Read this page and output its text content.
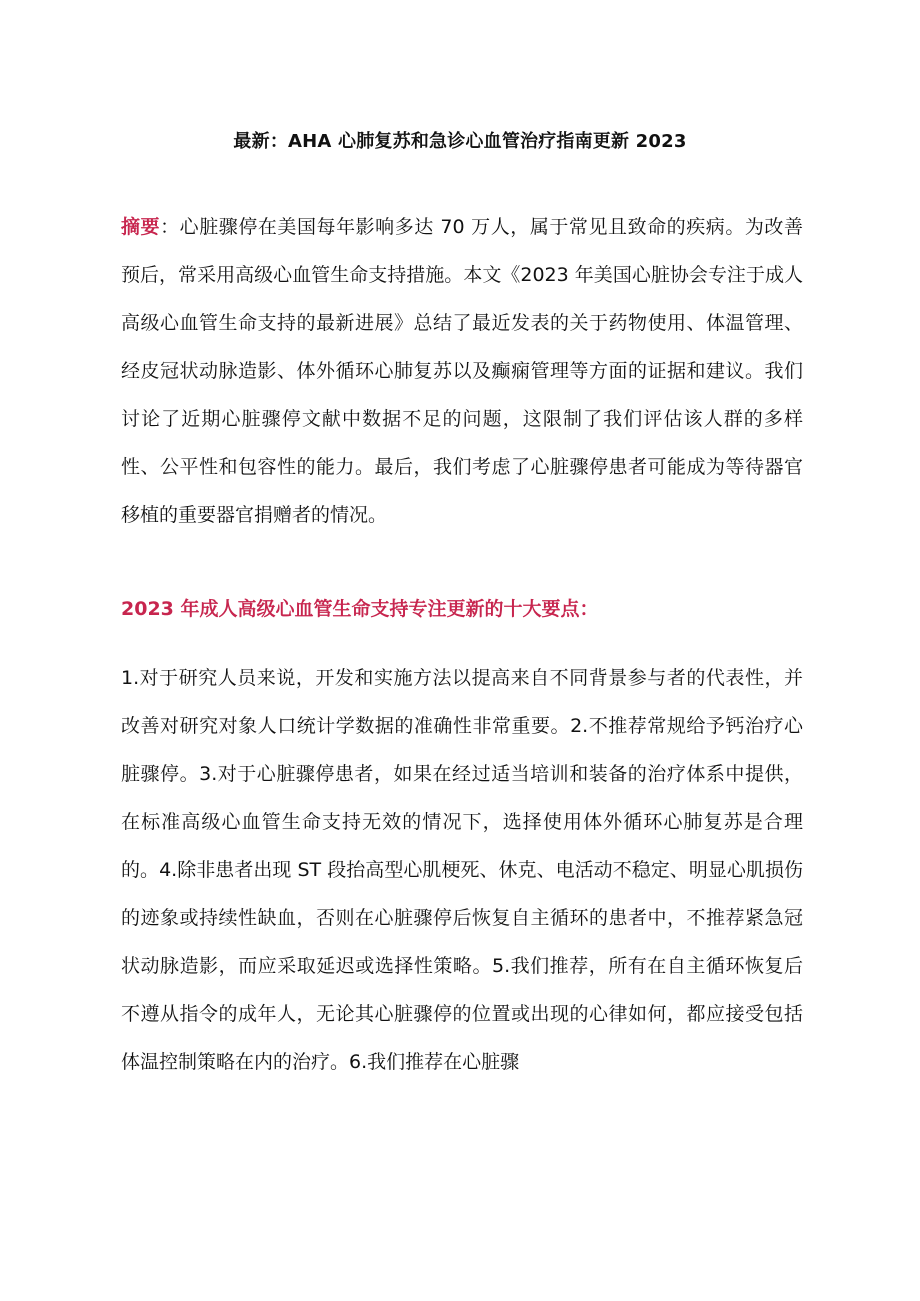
最新：AHA 心肺复苏和急诊心血管治疗指南更新 2023

摘要：心脏骤停在美国每年影响多达 70 万人，属于常见且致命的疾病。为改善预后，常采用高级心血管生命支持措施。本文《2023 年美国心脏协会专注于成人高级心血管生命支持的最新进展》总结了最近发表的关于药物使用、体温管理、经皮冠状动脉造影、体外循环心肺复苏以及癫痫管理等方面的证据和建议。我们讨论了近期心脏骤停文献中数据不足的问题，这限制了我们评估该人群的多样性、公平性和包容性的能力。最后，我们考虑了心脏骤停患者可能成为等待器官移植的重要器官捐赠者的情况。

2023 年成人高级心血管生命支持专注更新的十大要点：

1.对于研究人员来说，开发和实施方法以提高来自不同背景参与者的代表性，并改善对研究对象人口统计学数据的准确性非常重要。2.不推荐常规给予钙治疗心脏骤停。3.对于心脏骤停患者，如果在经过适当培训和装备的治疗体系中提供，在标准高级心血管生命支持无效的情况下，选择使用体外循环心肺复苏是合理的。4.除非患者出现 ST 段抬高型心肌梗死、休克、电活动不稳定、明显心肌损伤的迹象或持续性缺血，否则在心脏骤停后恢复自主循环的患者中，不推荐紧急冠状动脉造影，而应采取延迟或选择性策略。5.我们推荐，所有在自主循环恢复后不遵从指令的成年人，无论其心脏骤停的位置或出现的心律如何，都应接受包括体温控制策略在内的治疗。6.我们推荐在心脏骤
